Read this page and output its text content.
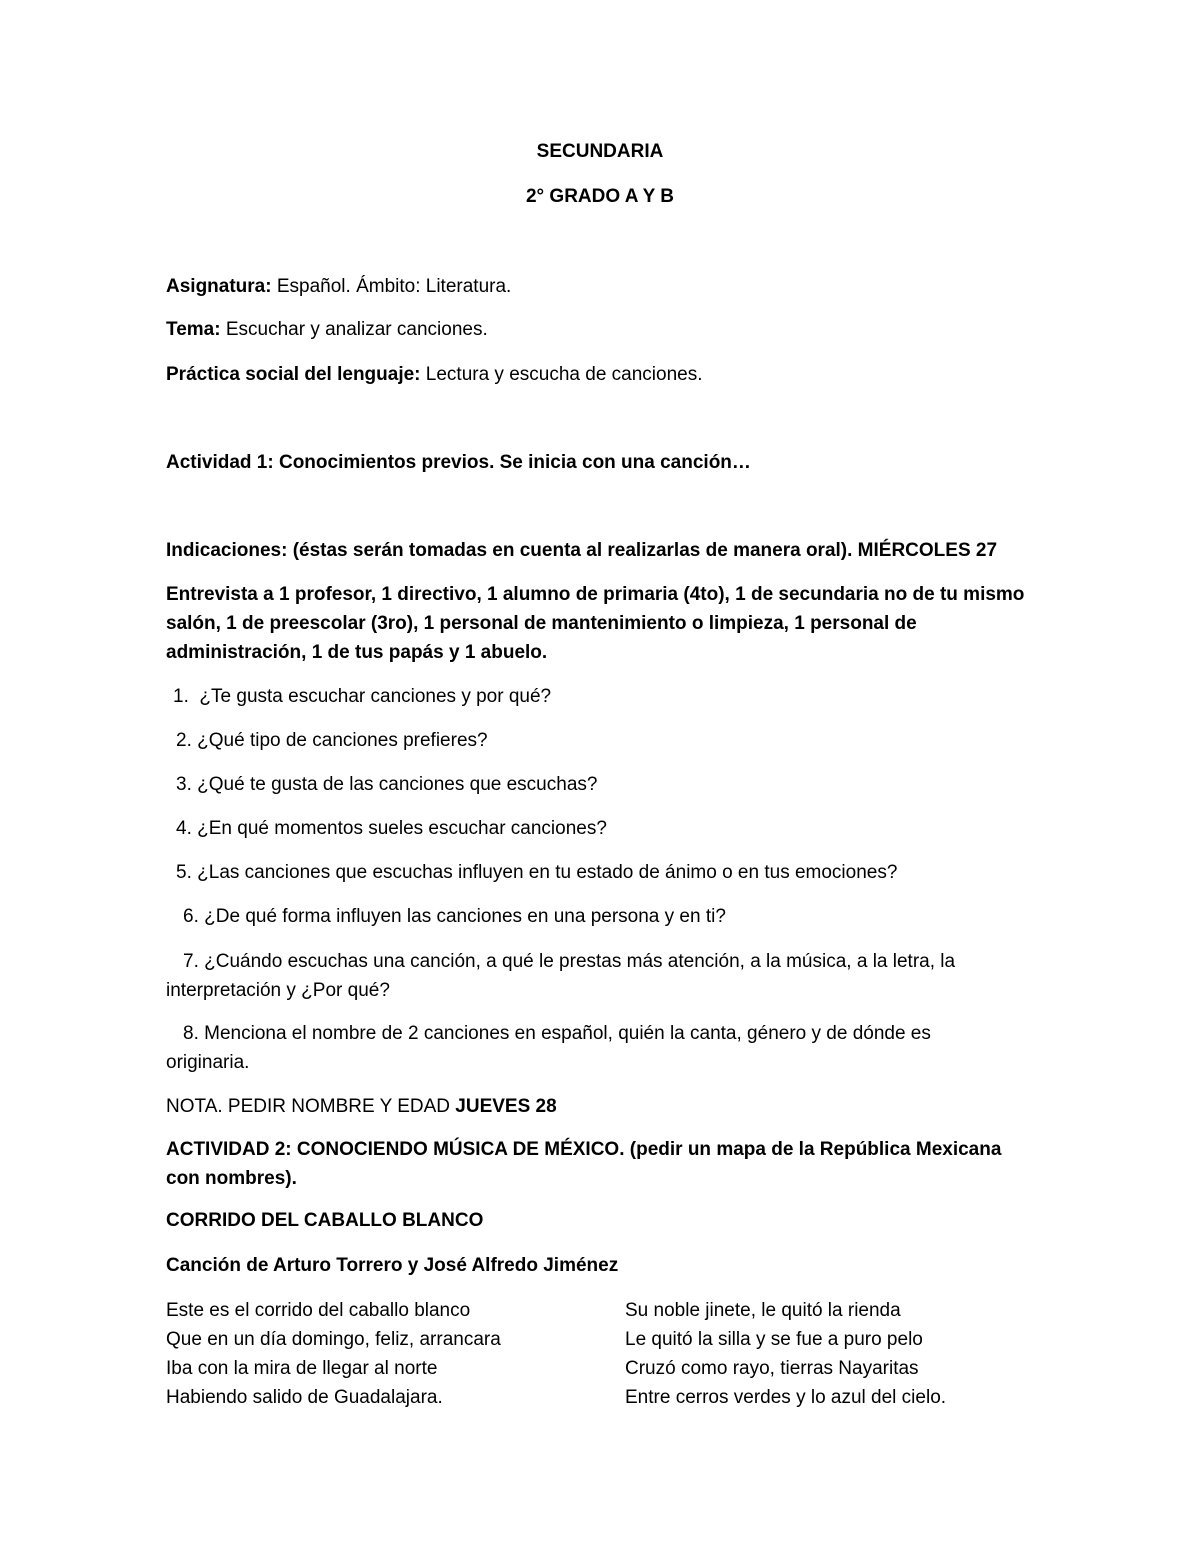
SECUNDARIA
2° GRADO A Y B
Asignatura: Español. Ámbito: Literatura.
Tema: Escuchar y analizar canciones.
Práctica social del lenguaje: Lectura y escucha de canciones.
Actividad 1: Conocimientos previos. Se inicia con una canción…
Indicaciones: (éstas serán tomadas en cuenta al realizarlas de manera oral). MIÉRCOLES 27
Entrevista a 1 profesor, 1 directivo, 1 alumno de primaria (4to), 1 de secundaria no de tu mismo salón, 1 de preescolar (3ro), 1 personal de mantenimiento o limpieza, 1 personal de administración, 1 de tus papás y 1 abuelo.
1. ¿Te gusta escuchar canciones y por qué?
2. ¿Qué tipo de canciones prefieres?
3. ¿Qué te gusta de las canciones que escuchas?
4. ¿En qué momentos sueles escuchar canciones?
5. ¿Las canciones que escuchas influyen en tu estado de ánimo o en tus emociones?
6. ¿De qué forma influyen las canciones en una persona y en ti?
7. ¿Cuándo escuchas una canción, a qué le prestas más atención, a la música, a la letra, la interpretación y ¿Por qué?
8. Menciona el nombre de 2 canciones en español, quién la canta, género y de dónde es originaria.
NOTA. PEDIR NOMBRE Y EDAD JUEVES 28
ACTIVIDAD 2: CONOCIENDO MÚSICA DE MÉXICO. (pedir un mapa de la República Mexicana con nombres).
CORRIDO DEL CABALLO BLANCO
Canción de Arturo Torrero y José Alfredo Jiménez
Este es el corrido del caballo blanco
Que en un día domingo, feliz, arrancara
Iba con la mira de llegar al norte
Habiendo salido de Guadalajara.
Su noble jinete, le quitó la rienda
Le quitó la silla y se fue a puro pelo
Cruzó como rayo, tierras Nayaritas
Entre cerros verdes y lo azul del cielo.
